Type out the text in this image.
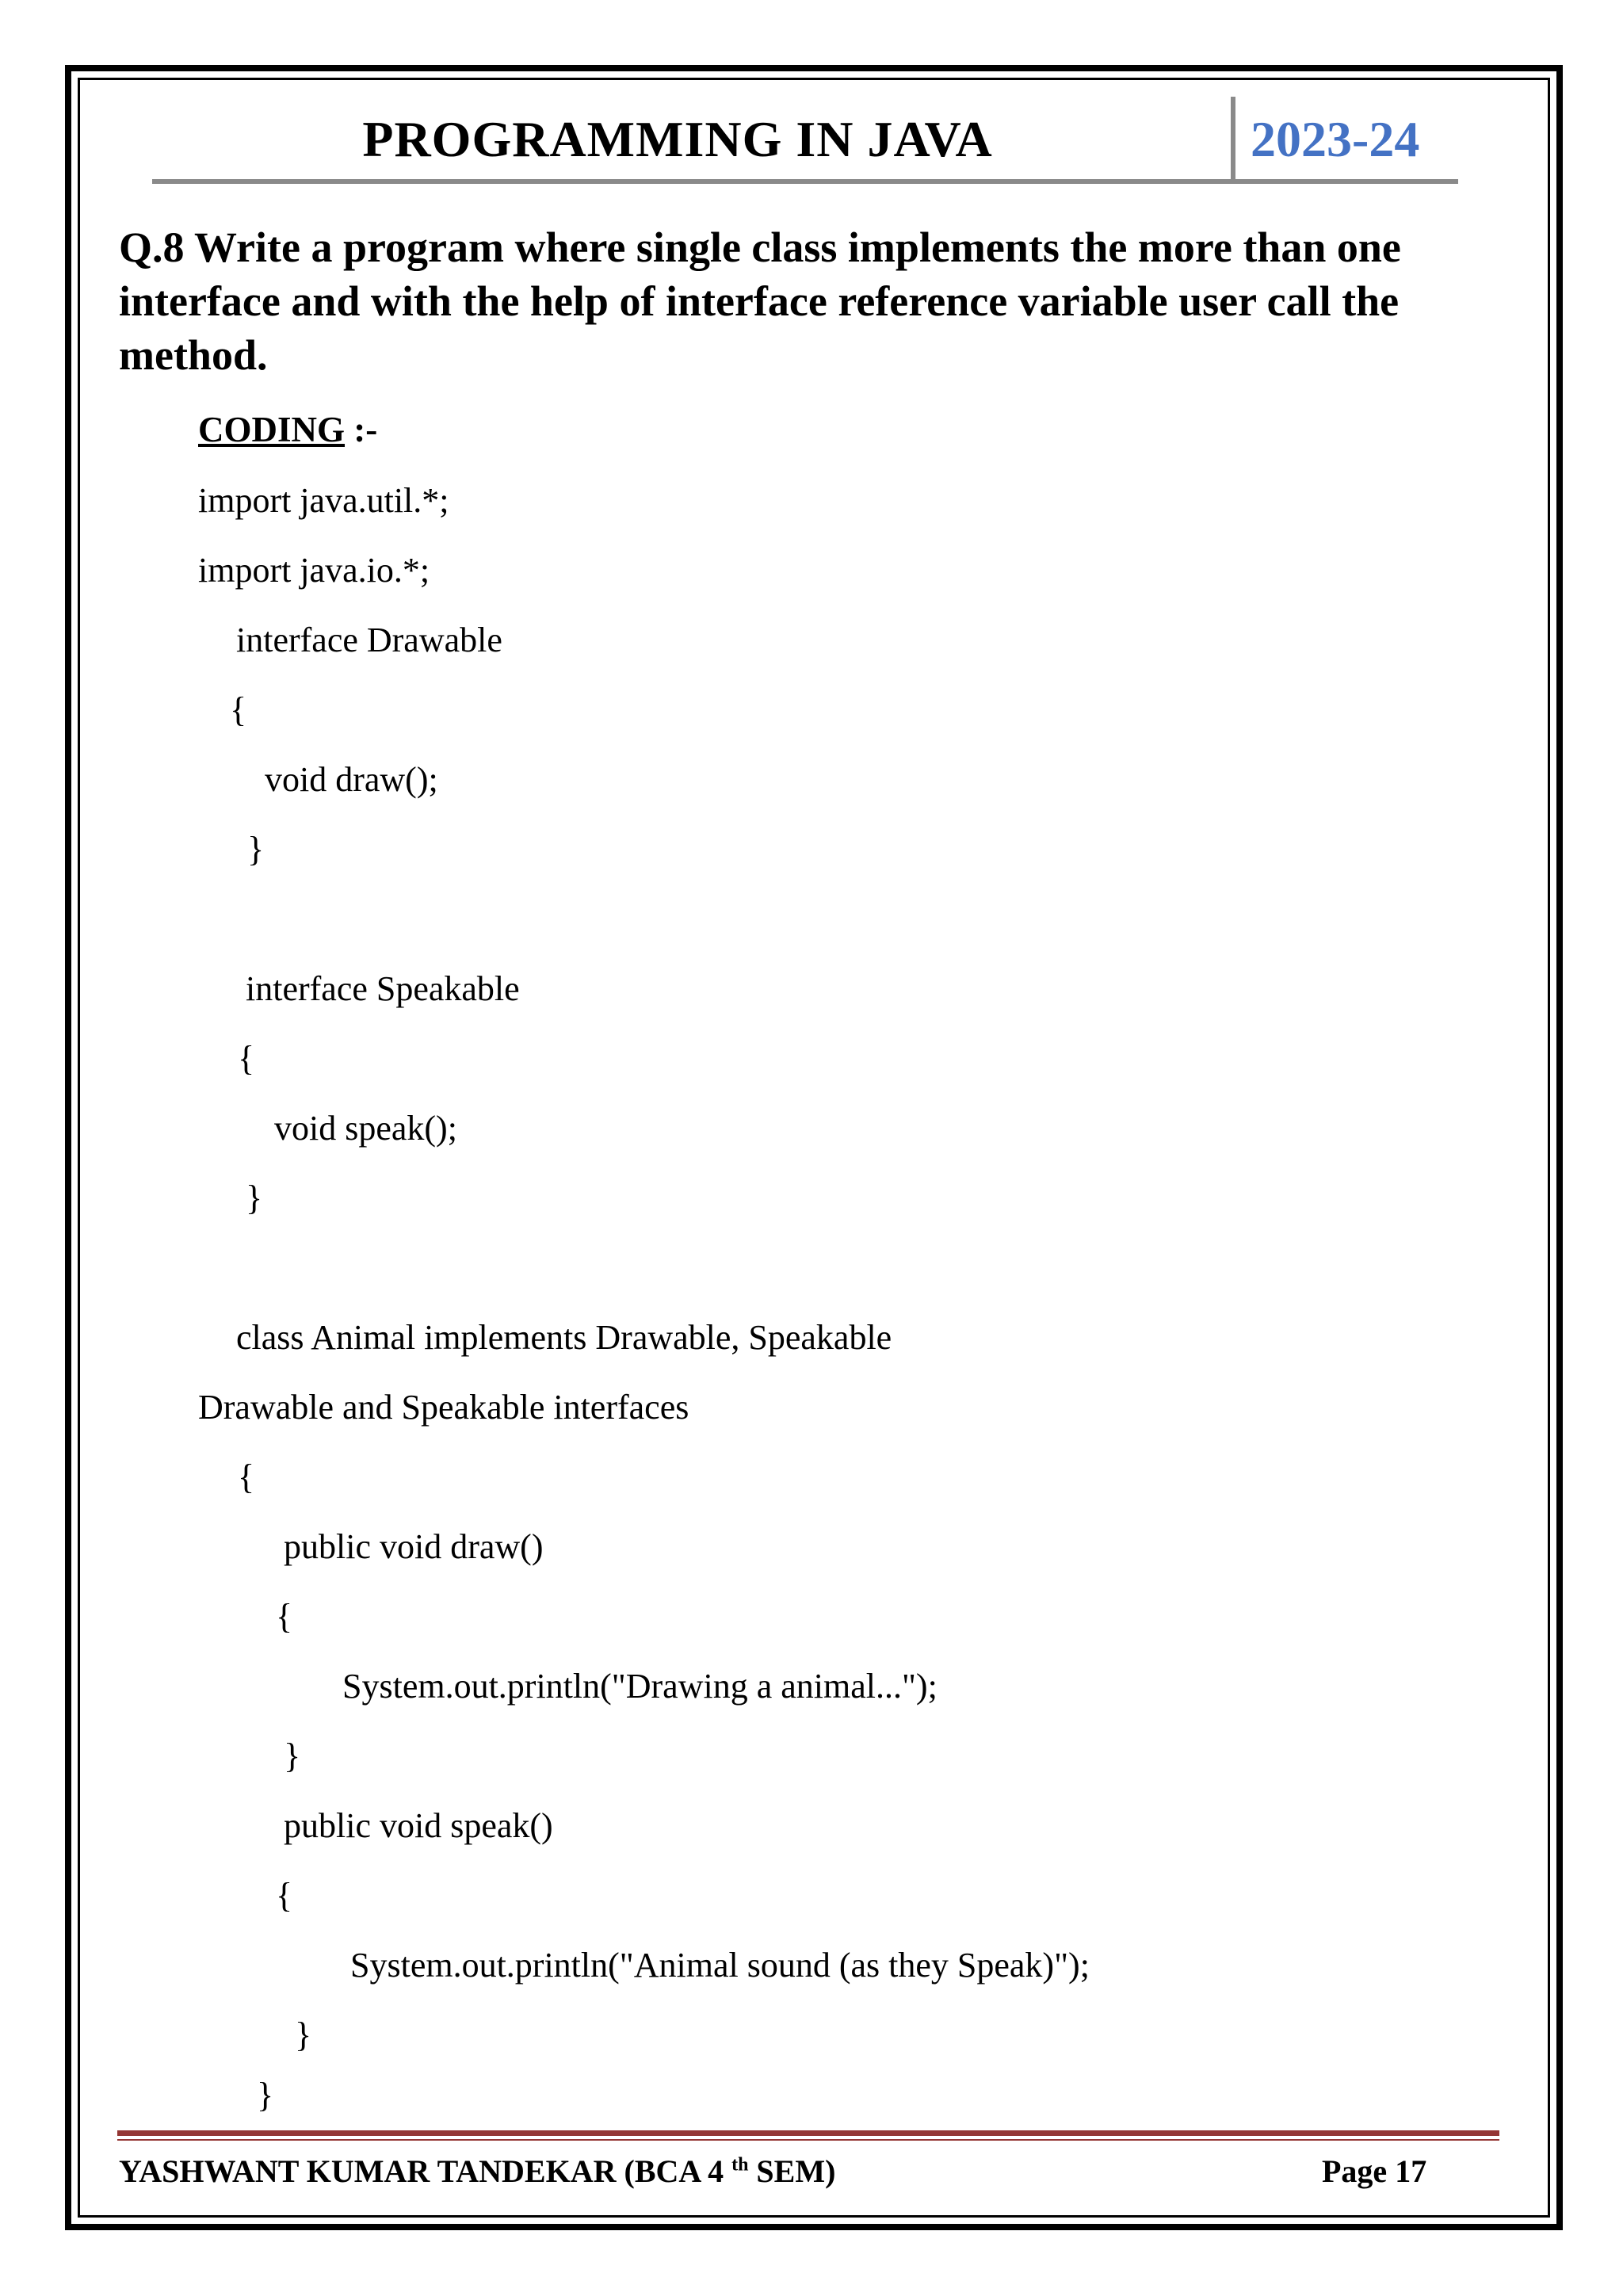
PROGRAMMING IN JAVA	2023-24
Q.8 Write a program where single class implements the more than one interface and with the help of interface reference variable user call the method.
CODING :-
import java.util.*;
import java.io.*;
interface Drawable
{
void draw();
}
interface Speakable
{
void speak();
}
class Animal implements Drawable, Speakable
Drawable and Speakable interfaces
{
public void draw()
{
System.out.println("Drawing a animal...");
}
public void speak()
{
System.out.println("Animal sound (as they Speak)");
}
}
YASHWANT KUMAR TANDEKAR (BCA 4 $^{th}$ SEM)	Page 17
